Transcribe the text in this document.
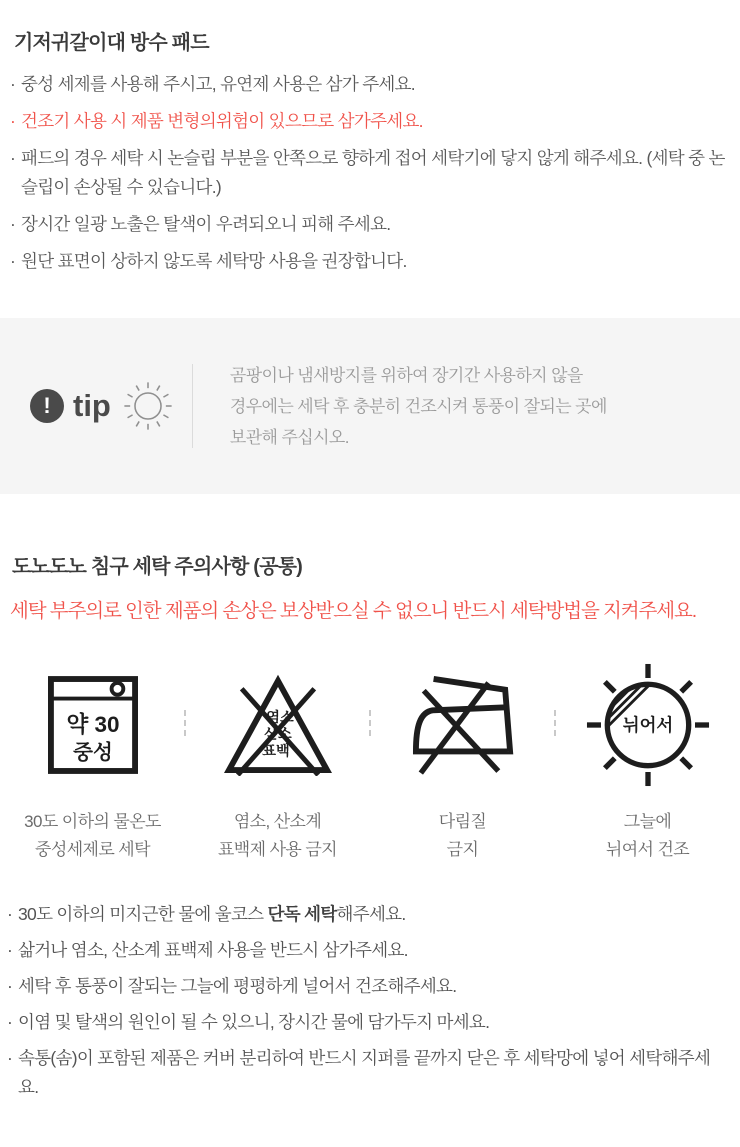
기저귀갈이대 방수 패드
· 중성 세제를 사용해 주시고, 유연제 사용은 삼가 주세요.
· 건조기 사용 시 제품 변형의위험이 있으므로 삼가주세요.
· 패드의 경우 세탁 시 논슬립 부분을 안쪽으로 향하게 접어 세탁기에 닿지 않게 해주세요. (세탁 중 논슬립이 손상될 수 있습니다.)
· 장시간 일광 노출은 탈색이 우려되오니 피해 주세요.
· 원단 표면이 상하지 않도록 세탁망 사용을 권장합니다.
! tip
곰팡이나 냄새방지를 위하여 장기간 사용하지 않을
경우에는 세탁 후 충분히 건조시켜 통풍이 잘되는 곳에
보관해 주십시오.
도노도노 침구 세탁 주의사항 (공통)

세탁 부주의로 인한 제품의 손상은 보상받으실 수 없으니 반드시 세탁방법을 지켜주세요.

약 30
중성
30도 이하의 물온도
중성세제로 세탁
염소
산소
표백
염소, 산소계
표백제 사용 금지
다림질
금지
뉘어서
그늘에
뉘여서 건조
· 30도 이하의 미지근한 물에 울코스 단독 세탁해주세요.
· 삶거나 염소, 산소계 표백제 사용을 반드시 삼가주세요.
· 세탁 후 통풍이 잘되는 그늘에 평평하게 널어서 건조해주세요.
· 이염 및 탈색의 원인이 될 수 있으니, 장시간 물에 담가두지 마세요.
· 속통(솜)이 포함된 제품은 커버 분리하여 반드시 지퍼를 끝까지 닫은 후 세탁망에 넣어 세탁해주세요.
